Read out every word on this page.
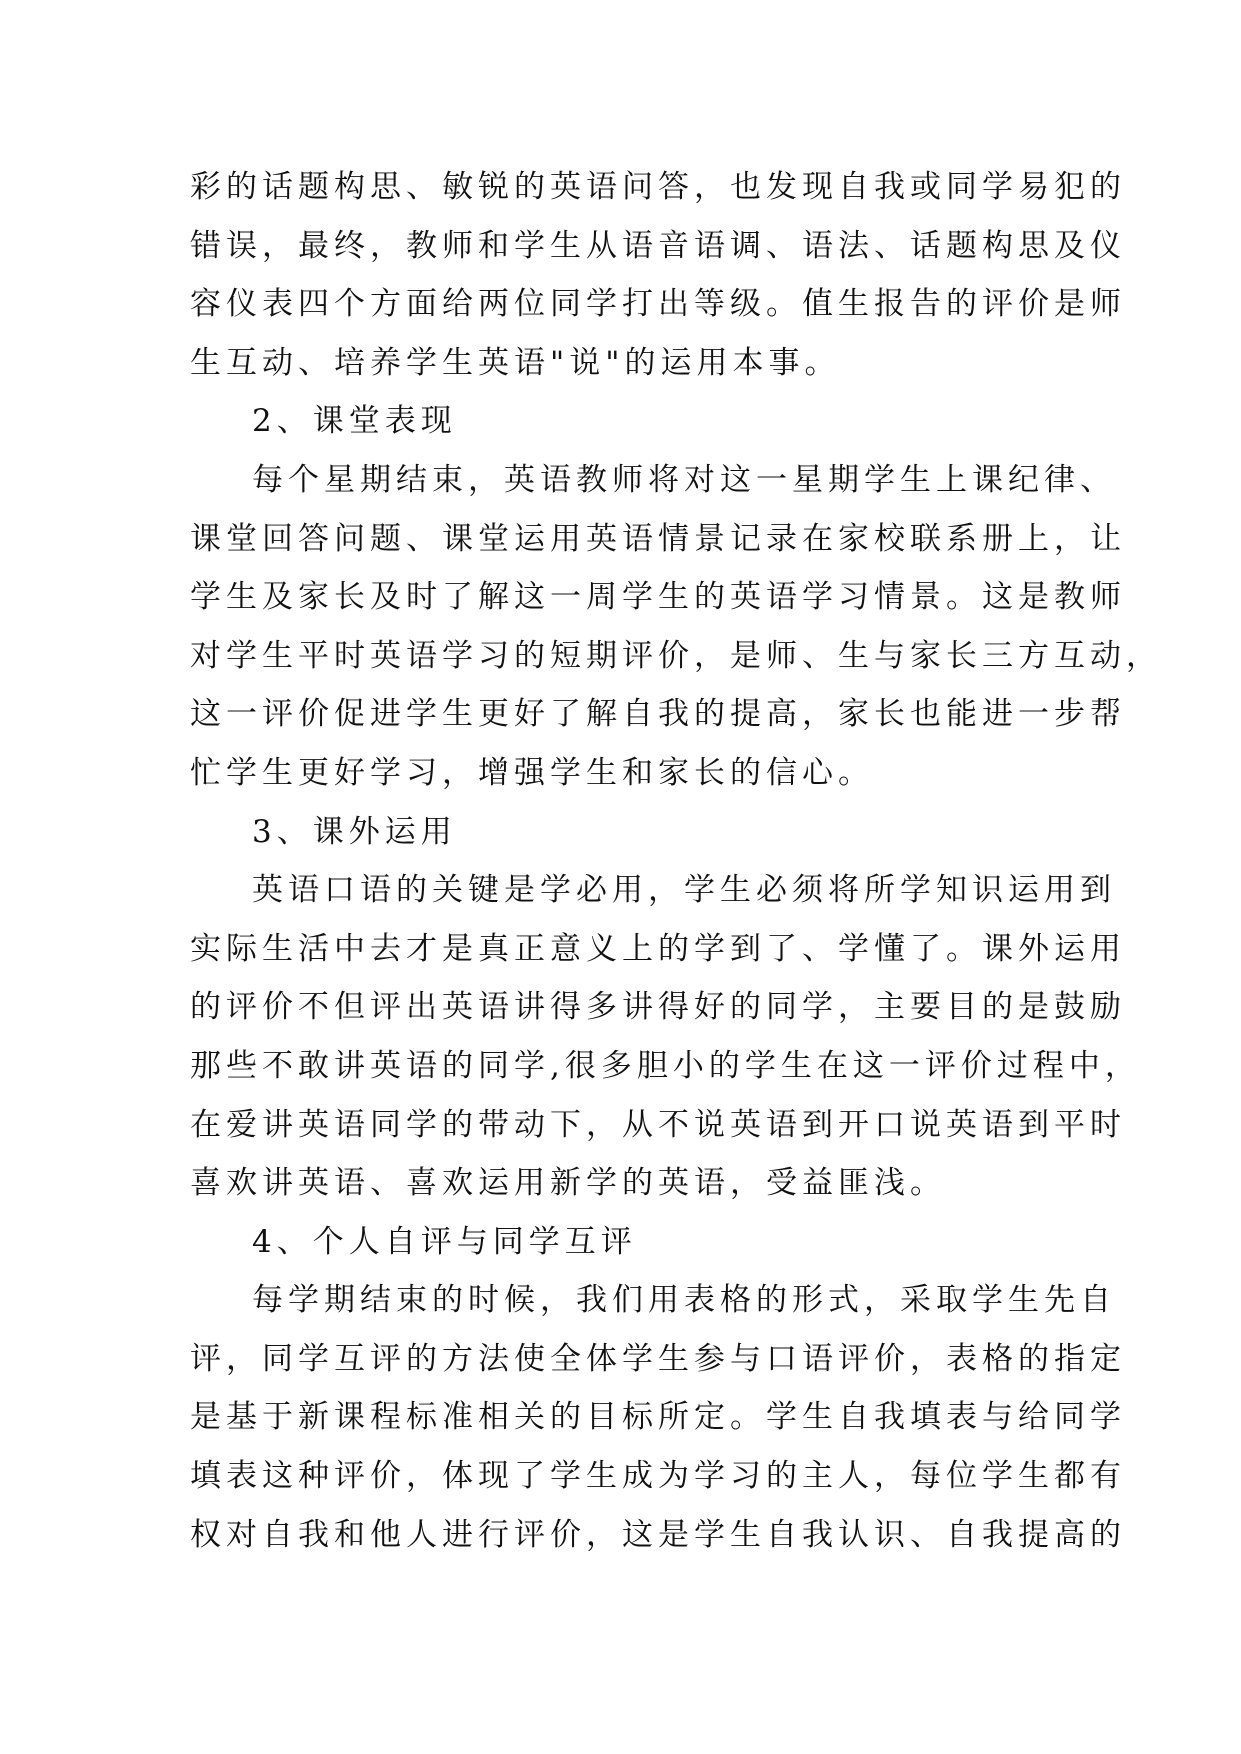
彩的话题构思、敏锐的英语问答，也发现自我或同学易犯的
错误，最终，教师和学生从语音语调、语法、话题构思及仪
容仪表四个方面给两位同学打出等级。值生报告的评价是师
生互动、培养学生英语"说"的运用本事。
2、课堂表现
每个星期结束，英语教师将对这一星期学生上课纪律、
课堂回答问题、课堂运用英语情景记录在家校联系册上，让
学生及家长及时了解这一周学生的英语学习情景。这是教师
对学生平时英语学习的短期评价，是师、生与家长三方互动，
这一评价促进学生更好了解自我的提高，家长也能进一步帮
忙学生更好学习，增强学生和家长的信心。
3、课外运用
英语口语的关键是学必用，学生必须将所学知识运用到
实际生活中去才是真正意义上的学到了、学懂了。课外运用
的评价不但评出英语讲得多讲得好的同学，主要目的是鼓励
那些不敢讲英语的同学,很多胆小的学生在这一评价过程中，
在爱讲英语同学的带动下，从不说英语到开口说英语到平时
喜欢讲英语、喜欢运用新学的英语，受益匪浅。
4、个人自评与同学互评
每学期结束的时候，我们用表格的形式，采取学生先自
评，同学互评的方法使全体学生参与口语评价，表格的指定
是基于新课程标准相关的目标所定。学生自我填表与给同学
填表这种评价，体现了学生成为学习的主人，每位学生都有
权对自我和他人进行评价，这是学生自我认识、自我提高的
